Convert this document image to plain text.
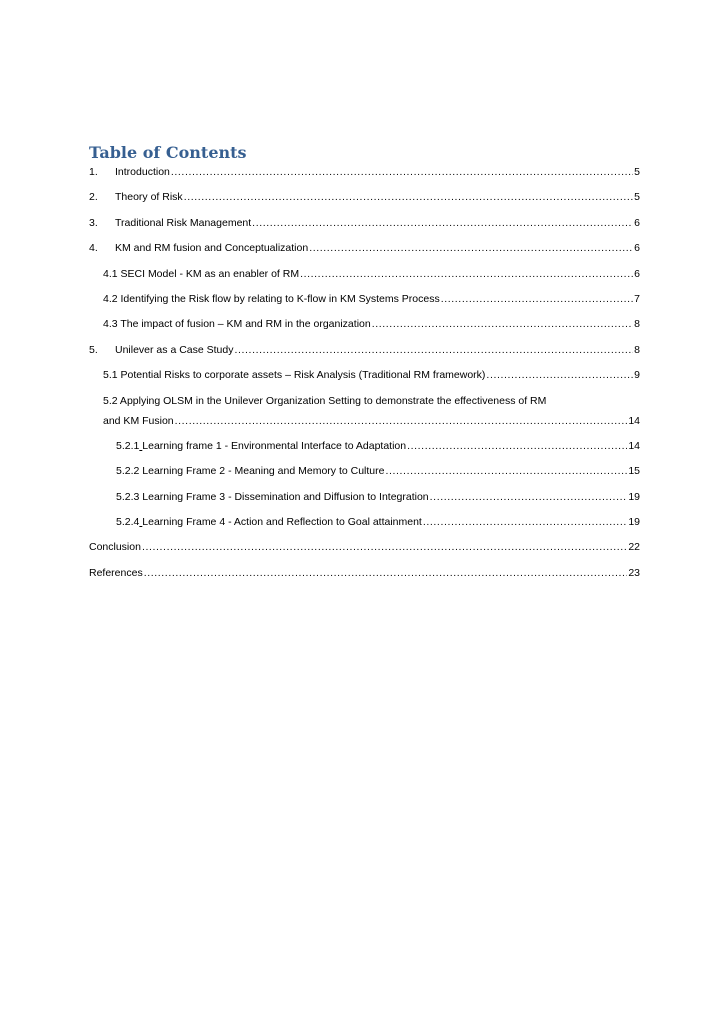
Table of Contents
1.	Introduction .....	5
2.	Theory of Risk .....	5
3.	Traditional Risk Management .....	6
4.	KM and RM fusion and Conceptualization .....	6
4.1 SECI Model - KM as an enabler of RM .....	6
4.2 Identifying the Risk flow by relating to K-flow in KM Systems Process .....	7
4.3 The impact of fusion – KM and RM in the organization .....	8
5.	Unilever as a Case Study .....	8
5.1 Potential Risks to corporate assets – Risk Analysis (Traditional RM framework) .....	9
5.2 Applying OLSM in the Unilever Organization Setting to demonstrate the effectiveness of RM
and KM Fusion .....	14
5.2.1 Learning frame 1 - Environmental Interface to Adaptation .....	14
5.2.2 Learning Frame 2 - Meaning and Memory to Culture .....	15
5.2.3 Learning Frame 3 - Dissemination and Diffusion to Integration .....	19
5.2.4 Learning Frame 4 - Action and Reflection to Goal attainment .....	19
Conclusion .....	22
References .....	23
